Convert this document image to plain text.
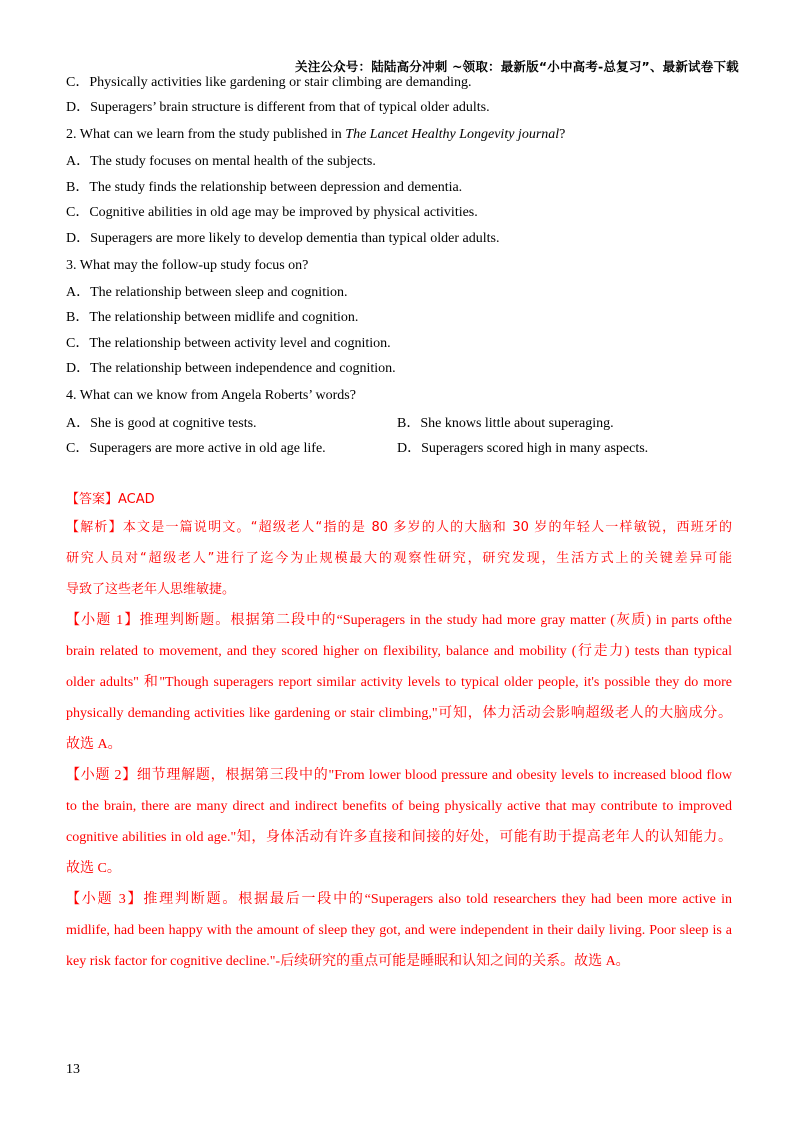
关注公众号：陆陆高分冲刺 ~领取：最新版“小中高考-总复习”、最新试卷下载
C．Physically activities like gardening or stair climbing are demanding.
D．Superagers’ brain structure is different from that of typical older adults.
2. What can we learn from the study published in The Lancet Healthy Longevity journal?
A．The study focuses on mental health of the subjects.
B．The study finds the relationship between depression and dementia.
C．Cognitive abilities in old age may be improved by physical activities.
D．Superagers are more likely to develop dementia than typical older adults.
3. What may the follow-up study focus on?
A．The relationship between sleep and cognition.
B．The relationship between midlife and cognition.
C．The relationship between activity level and cognition.
D．The relationship between independence and cognition.
4. What can we know from Angela Roberts’ words?
A．She is good at cognitive tests.	B．She knows little about superaging.
C．Superagers are more active in old age life.	D．Superagers scored high in many aspects.
【答案】ACAD
【解析】本文是一篇说明文。“超级老人“指的是 80 多岁的人的大脑和 30 岁的年轻人一样敏锐，西班牙的
研究人员对“超级老人”进行了迄今为止规模最大的观察性研究，研究发现，生活方式上的关键差异可能
导致了这些老年人思维敏捷。
【小题 1】推理判断题。根据第二段中的“Superagers in the study had more gray matter (灰质) in parts ofthe
brain related to movement, and they scored higher on flexibility, balance and mobility (行走力) tests than typical
older adults" 和"Though superagers report similar activity levels to typical older people, it's possible they do more
physically demanding activities like gardening or stair climbing,"可知，体力活动会影响超级老人的大脑成分。
故选 A。
【小题 2】细节理解题，根据第三段中的"From lower blood pressure and obesity levels to increased blood flow
to the brain, there are many direct and indirect benefits of being physically active that may contribute to improved
cognitive abilities in old age."知，身体活动有许多直接和间接的好处，可能有助于提高老年人的认知能力。
故选 C。
【小题 3】推理判断题。根据最后一段中的“Superagers also told researchers they had been more active in
midlife, had been happy with the amount of sleep they got, and were independent in their daily living. Poor sleep is a
key risk factor for cognitive decline."-后续研究的重点可能是睡眠和认知之间的关系。故选 A。
13
